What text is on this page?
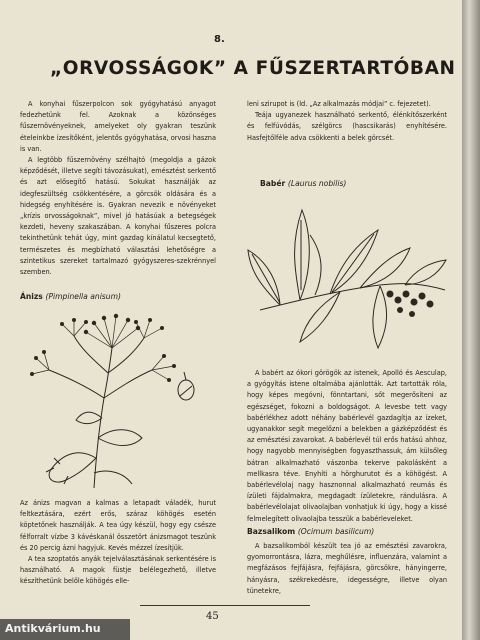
8.
„ORVOSSÁGOK” A FŰSZERTARTÓBAN

A konyhai fűszerpolcon sok gyógyhatású anyagot fedezhetünk fel. Azoknak a közönséges fűszernövényeknek, amelyeket oly gyakran teszünk ételeinkbe ízesítőként, jelentős gyógyhatása, orvosi haszna is van.

A legtöbb fűszernövény szélhajtó (megoldja a gázok képződését, illetve segíti távozásukat), emésztést serkentő és azt elősegítő hatású. Sokukat használják az idegfeszültség csökkentésére, a görcsök oldására és a hidegség enyhítésére is. Gyakran nevezik e növényeket „krízis orvosságoknak”, mivel jó hatásúak a betegségek kezdeti, heveny szakaszában. A konyhai fűszeres polcra tekinthetünk tehát úgy, mint gazdag kínálatul kecsegtető, természetes és megbízható választási lehetőségre a szintetikus szereket tartalmazó gyógyszeres-szekrénnyel szemben.

Ánizs (Pimpinella anisum)

Az ánizs magvan a kalmas a letapadt váladék, hurut feltkeztására, ezért erős, száraz köhögés esetén köptetőnek használják. A tea úgy készül, hogy egy csésze félforralt vízbe 3 kávéskanál összetört ánizsmagot teszünk és 20 percig ázni hagyjuk. Kevés mézzel ízesítjük.

A tea szoptatós anyák tejelválasztásának serkentésére is használható. A magok füstje belélegezhető, illetve készíthetünk belőle köhögés elle-

leni szirupot is (ld. „Az alkalmazás módjai” c. fejezetet).

Teája ugyanezek használható serkentő, élénkítőszerként és felfúvódás, szélgörcs (hascsikarás) enyhítésére. Hasfejtőlféle adva csökkenti a belek görcsét.

Babér (Laurus nobilis)

A babért az ókori görögök az istenek, Apolló és Aesculap, a gyógyítás istene oltalmába ajánlották. Azt tartották róla, hogy képes megóvni, fönntartani, sőt megerősíteni az egészséget, fokozni a boldogságot. A levesbe tett vagy babérlékhez adott néhány babérlevél gazdagítja az ízeket, ugyanakkor segít megelőzni a belekben a gázképződést és az emésztési zavarokat. A babérlevél túl erős hatású ahhoz, hogy nagyobb mennyiségben fogyaszthassuk, ám külsőleg bátran alkalmazható vászonba tekerve pakolásként a mellkasra téve. Enyhíti a hörghurutot és a köhögést. A babérlevélolaj nagy hasznonnal alkalmazható reumás és ízületi fájdalmakra, megdagadt ízületekre, rándulásra. A babérlevélolajat olivaolajban vonhatjuk ki úgy, hogy a kissé felmelegített olivaolajba tesszük a babérleveleket.

Bazsalikom (Ocimum basilicum)

A bazsalikomból készült tea jó az emésztési zavarokra, gyomorrontásra, lázra, meghűlésre, influenzára, valamint a megfázásos fejfájásra, fejfájásra, görcsökre, hányingerre, hányásra, székrekedésre, idegességre, illetve olyan tünetekre,

45
Antikvárium.hu
